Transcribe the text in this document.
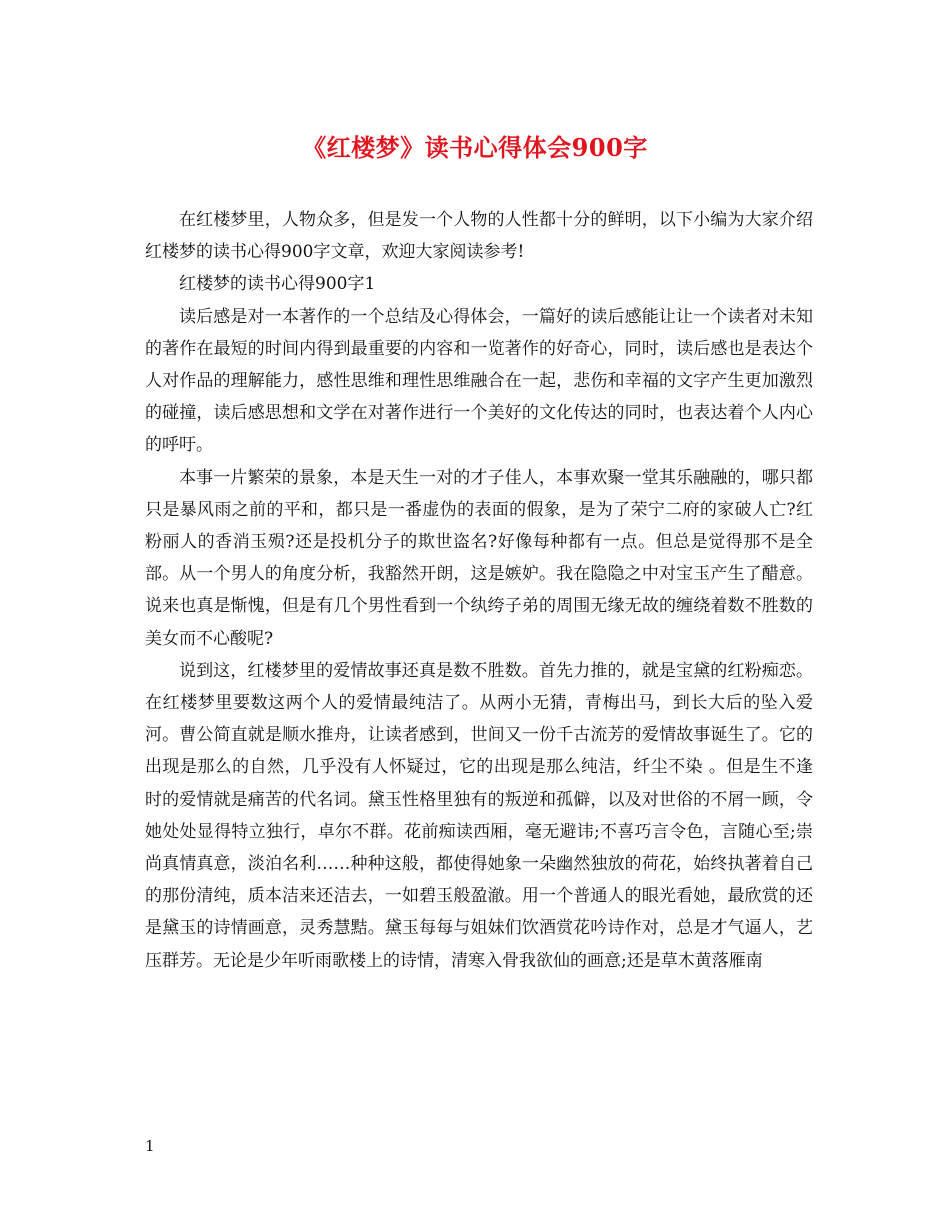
《红楼梦》读书心得体会900字

在红楼梦里，人物众多，但是发一个人物的人性都十分的鲜明，以下小编为大家介绍红楼梦的读书心得900字文章，欢迎大家阅读参考!

红楼梦的读书心得900字1

读后感是对一本著作的一个总结及心得体会，一篇好的读后感能让让一个读者对未知的著作在最短的时间内得到最重要的内容和一览著作的好奇心，同时，读后感也是表达个人对作品的理解能力，感性思维和理性思维融合在一起，悲伤和幸福的文字产生更加激烈的碰撞，读后感思想和文学在对著作进行一个美好的文化传达的同时，也表达着个人内心的呼吁。

本事一片繁荣的景象，本是天生一对的才子佳人，本事欢聚一堂其乐融融的，哪只都只是暴风雨之前的平和，都只是一番虚伪的表面的假象，是为了荣宁二府的家破人亡?红粉丽人的香消玉殒?还是投机分子的欺世盗名?好像每种都有一点。但总是觉得那不是全部。从一个男人的角度分析，我豁然开朗，这是嫉妒。我在隐隐之中对宝玉产生了醋意。说来也真是惭愧，但是有几个男性看到一个纨绔子弟的周围无缘无故的缠绕着数不胜数的美女而不心酸呢?

说到这，红楼梦里的爱情故事还真是数不胜数。首先力推的，就是宝黛的红粉痴恋。在红楼梦里要数这两个人的爱情最纯洁了。从两小无猜，青梅出马，到长大后的坠入爱河。曹公简直就是顺水推舟，让读者感到，世间又一份千古流芳的爱情故事诞生了。它的出现是那么的自然，几乎没有人怀疑过，它的出现是那么纯洁，纤尘不染 。但是生不逢时的爱情就是痛苦的代名词。黛玉性格里独有的叛逆和孤僻，以及对世俗的不屑一顾，令她处处显得特立独行，卓尔不群。花前痴读西厢，毫无避讳;不喜巧言令色，言随心至;崇尚真情真意，淡泊名利……种种这般，都使得她象一朵幽然独放的荷花，始终执著着自己的那份清纯，质本洁来还洁去，一如碧玉般盈澈。用一个普通人的眼光看她，最欣赏的还是黛玉的诗情画意，灵秀慧黠。黛玉每每与姐妹们饮酒赏花吟诗作对，总是才气逼人，艺压群芳。无论是少年听雨歌楼上的诗情，清寒入骨我欲仙的画意;还是草木黄落雁南

1
